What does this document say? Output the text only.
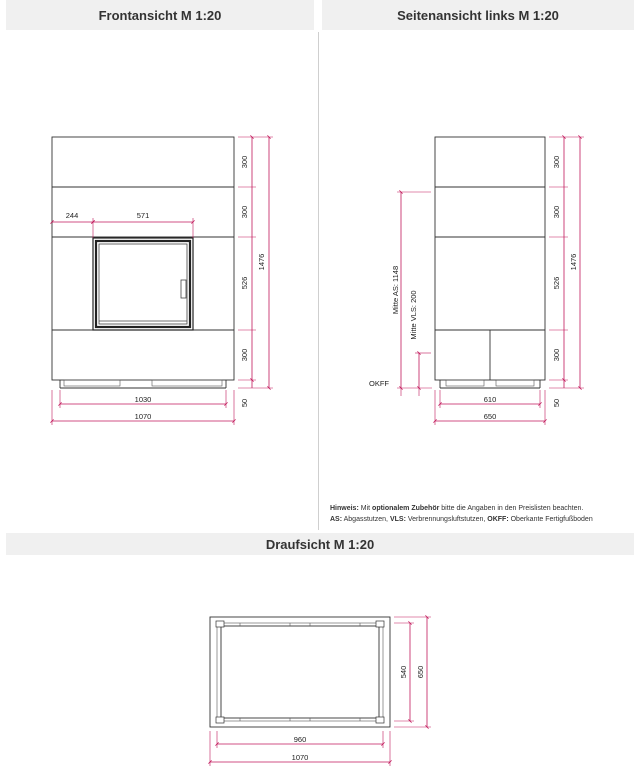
Frontansicht M 1:20	Seitenansicht links M 1:20
Draufsicht M 1:20
Hinweis: Mit optionalem Zubehör bitte die Angaben in den Preislisten beachten.
AS: Abgasstutzen, VLS: Verbrennungsluftstutzen, OKFF: Oberkante Fertigfußboden
1070
1030
244	571
300
300
526
300
50
1476
610
650
300
300
526
300
50
1476
Mitte AS: 1148
Mitte VLS: 200
OKFF
960
1070
540 650
